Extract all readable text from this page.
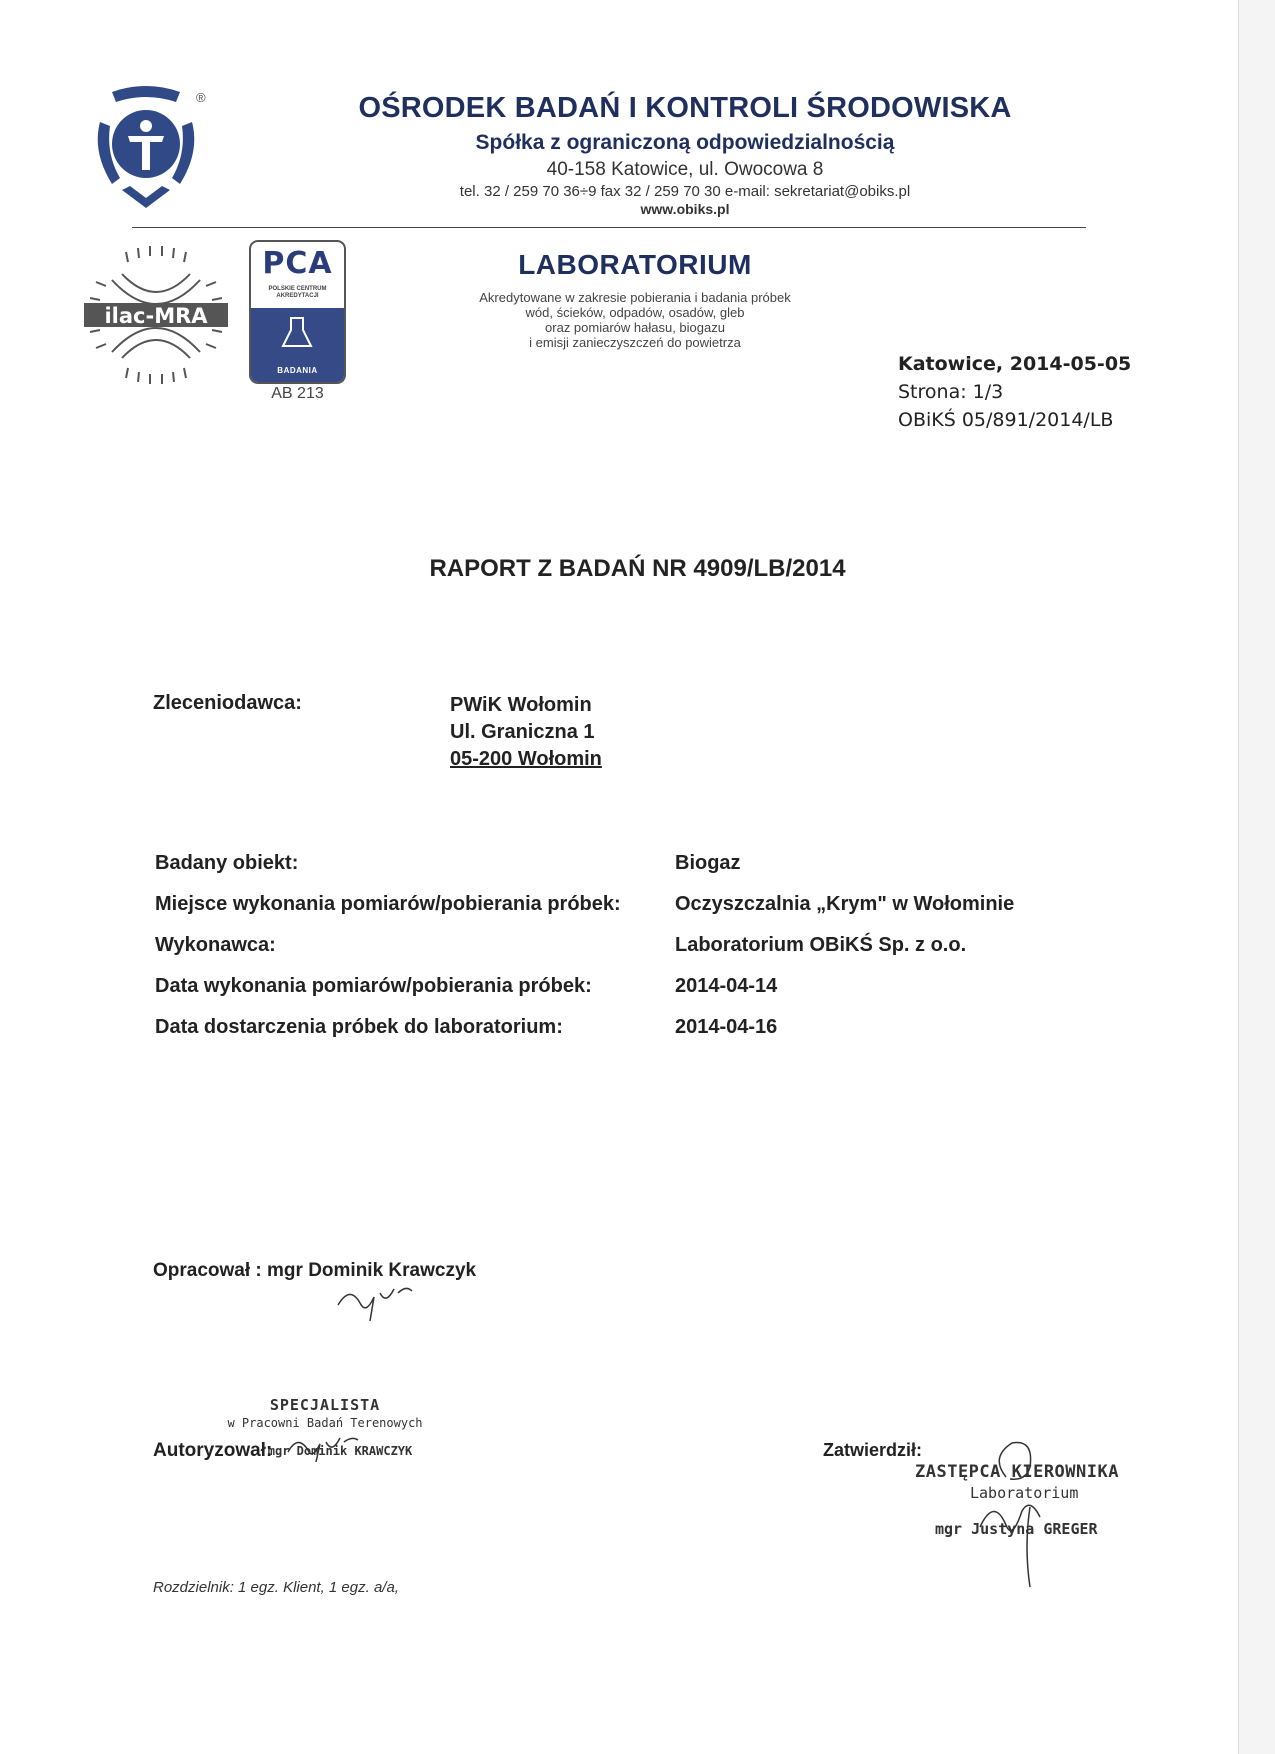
®	OŚRODEK BADAŃ I KONTROLI ŚRODOWISKA
Spółka z ograniczoną odpowiedzialnością
40-158 Katowice, ul. Owocowa 8
tel. 32 / 259 70 36÷9 fax 32 / 259 70 30 e-mail: sekretariat@obiks.pl
www.obiks.pl
ilac-MRA
PCA
POLSKIE CENTRUM
AKREDYTACJI
BADANIA
AB 213
LABORATORIUM
Akredytowane w zakresie pobierania i badania próbek
wód, ścieków, odpadów, osadów, gleb
oraz pomiarów hałasu, biogazu
i emisji zanieczyszczeń do powietrza
Katowice, 2014-05-05
Strona: 1/3
OBiKŚ 05/891/2014/LB
RAPORT Z BADAŃ NR 4909/LB/2014
Zleceniodawca:	PWiK Wołomin
Ul. Graniczna 1
05-200 Wołomin
Badany obiekt:	Biogaz
Miejsce wykonania pomiarów/pobierania próbek:	Oczyszczalnia „Krym" w Wołominie
Wykonawca:	Laboratorium OBiKŚ Sp. z o.o.
Data wykonania pomiarów/pobierania próbek:	2014-04-14
Data dostarczenia próbek do laboratorium:	2014-04-16
Opracował : mgr Dominik Krawczyk
SPECJALISTA
w Pracowni Badań Terenowych
mgr Dominik KRAWCZYK
Autoryzował:	Zatwierdził:
ZASTĘPCA KIEROWNIKA
Laboratorium
mgr Justyna GREGER
Rozdzielnik: 1 egz. Klient, 1 egz. a/a,
